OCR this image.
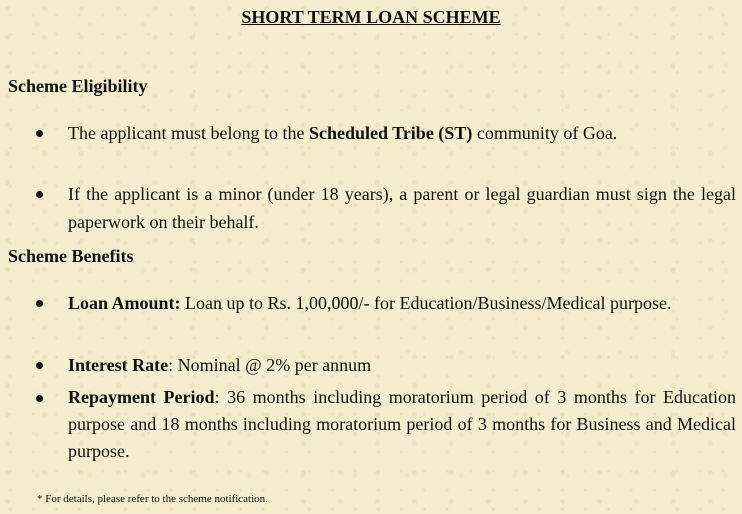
SHORT TERM LOAN SCHEME
Scheme Eligibility
The applicant must belong to the Scheduled Tribe (ST) community of Goa.
If the applicant is a minor (under 18 years), a parent or legal guardian must sign the legal paperwork on their behalf.
Scheme Benefits
Loan Amount: Loan up to Rs. 1,00,000/- for Education/Business/Medical purpose.
Interest Rate: Nominal @ 2% per annum
Repayment Period: 36 months including moratorium period of 3 months for Education purpose and 18 months including moratorium period of 3 months for Business and Medical purpose.
* For details, please refer to the scheme notification.
